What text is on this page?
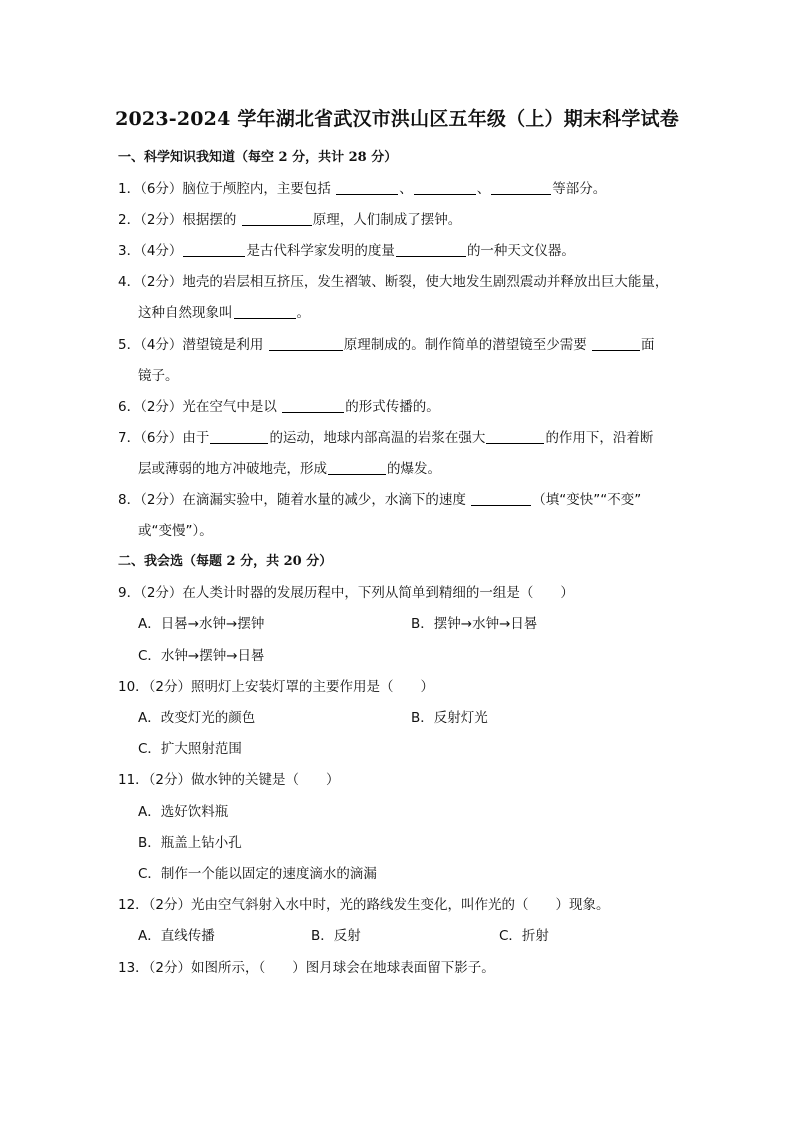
2023-2024 学年湖北省武汉市洪山区五年级（上）期末科学试卷
一、科学知识我知道（每空 2 分，共计 28 分）
1．（6分）脑位于颅腔内，主要包括	、	、	等部分。
2．（2分）根据摆的	原理，人们制成了摆钟。
3．（4分）	是古代科学家发明的度量	的一种天文仪器。
4．（2分）地壳的岩层相互挤压，发生褶皱、断裂，使大地发生剧烈震动并释放出巨大能量，
这种自然现象叫	。
5．（4分）潜望镜是利用	原理制成的。制作简单的潜望镜至少需要	面
镜子。
6．（2分）光在空气中是以	的形式传播的。
7．（6分）由于	的运动，地球内部高温的岩浆在强大	的作用下，沿着断
层或薄弱的地方冲破地壳，形成	的爆发。
8．（2分）在滴漏实验中，随着水量的减少，水滴下的速度	（填“变快”“不变”
或“变慢”）。
二、我会选（每题 2 分，共 20 分）
9．（2分）在人类计时器的发展历程中，下列从简单到精细的一组是（　　）
A．日晷→水钟→摆钟	B．摆钟→水钟→日晷
C．水钟→摆钟→日晷
10．（2分）照明灯上安装灯罩的主要作用是（　　）
A．改变灯光的颜色	B．反射灯光
C．扩大照射范围
11．（2分）做水钟的关键是（　　）
A．选好饮料瓶
B．瓶盖上钻小孔
C．制作一个能以固定的速度滴水的滴漏
12．（2分）光由空气斜射入水中时，光的路线发生变化，叫作光的（　　）现象。
A．直线传播	B．反射	C．折射
13．（2分）如图所示，（　　）图月球会在地球表面留下影子。
